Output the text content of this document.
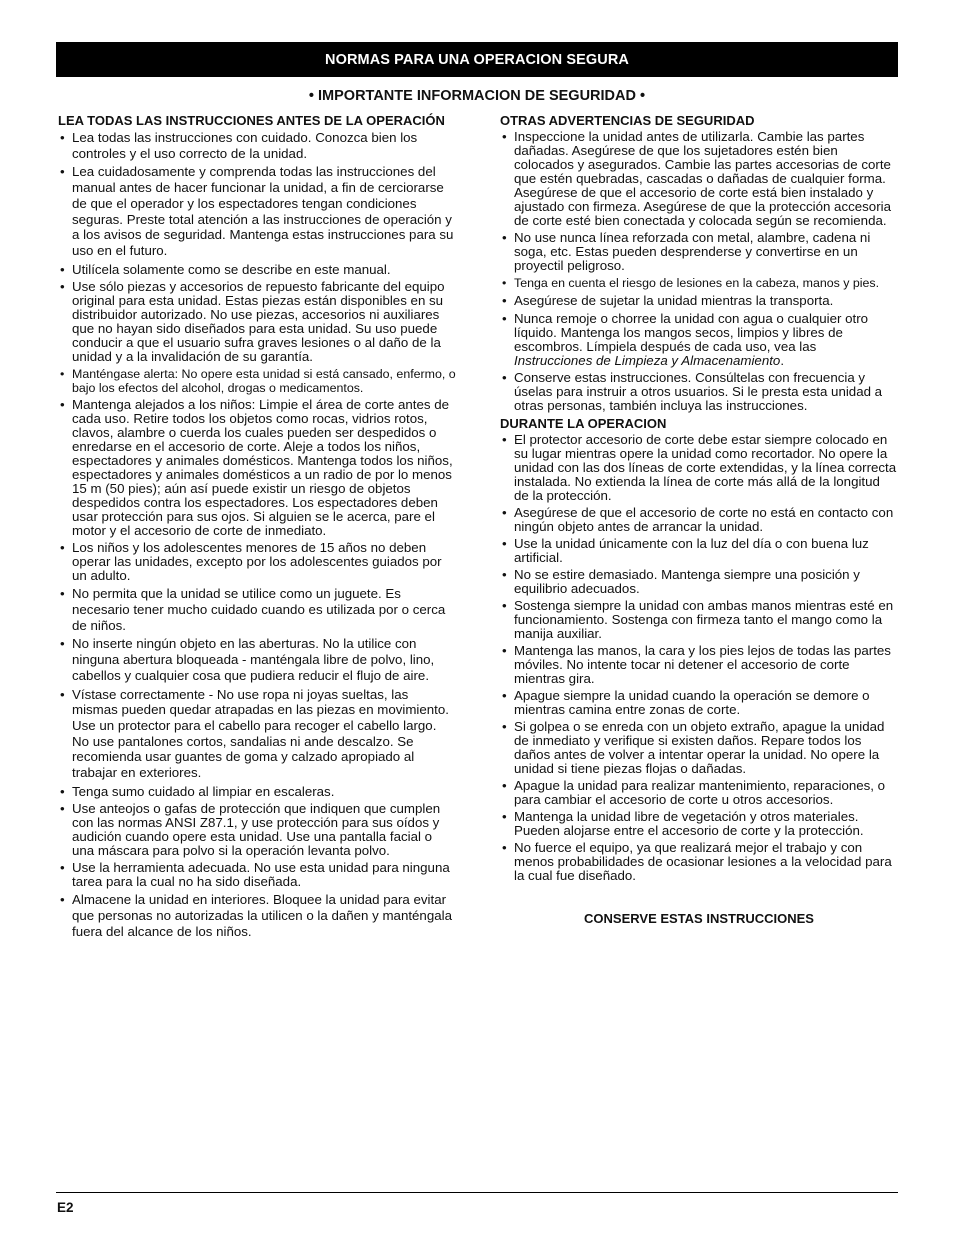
NORMAS PARA UNA OPERACION SEGURA
• IMPORTANTE INFORMACION DE SEGURIDAD •
LEA TODAS LAS INSTRUCCIONES ANTES DE LA OPERACIÓN
• Lea todas las instrucciones con cuidado. Conozca bien los controles y el uso correcto de la unidad.
• Lea cuidadosamente y comprenda todas las instrucciones del manual antes de hacer funcionar la unidad, a fin de cerciorarse de que el operador y los espectadores tengan condiciones seguras. Preste total atención a las instrucciones de operación y a los avisos de seguridad. Mantenga estas instrucciones para su uso en el futuro.
• Utilícela solamente como se describe en este manual.
• Use sólo piezas y accesorios de repuesto fabricante del equipo original para esta unidad. Estas piezas están disponibles en su distribuidor autorizado. No use piezas, accesorios ni auxiliares que no hayan sido diseñados para esta unidad. Su uso puede conducir a que el usuario sufra graves lesiones o al daño de la unidad y a la invalidación de su garantía.
• Manténgase alerta: No opere esta unidad si está cansado, enfermo, o bajo los efectos del alcohol, drogas o medicamentos.
• Mantenga alejados a los niños: Limpie el área de corte antes de cada uso. Retire todos los objetos como rocas, vidrios rotos, clavos, alambre o cuerda los cuales pueden ser despedidos o enredarse en el accesorio de corte. Aleje a todos los niños, espectadores y animales domésticos. Mantenga todos los niños, espectadores y animales domésticos a un radio de por lo menos 15 m (50 pies); aún así puede existir un riesgo de objetos despedidos contra los espectadores. Los espectadores deben usar protección para sus ojos. Si alguien se le acerca, pare el motor y el accesorio de corte de inmediato.
• Los niños y los adolescentes menores de 15 años no deben operar las unidades, excepto por los adolescentes guiados por un adulto.
• No permita que la unidad se utilice como un juguete. Es necesario tener mucho cuidado cuando es utilizada por o cerca de niños.
• No inserte ningún objeto en las aberturas. No la utilice con ninguna abertura bloqueada - manténgala libre de polvo, lino, cabellos y cualquier cosa que pudiera reducir el flujo de aire.
• Vístase correctamente - No use ropa ni joyas sueltas, las mismas pueden quedar atrapadas en las piezas en movimiento. Use un protector para el cabello para recoger el cabello largo. No use pantalones cortos, sandalias ni ande descalzo. Se recomienda usar guantes de goma y calzado apropiado al trabajar en exteriores.
• Tenga sumo cuidado al limpiar en escaleras.
• Use anteojos o gafas de protección que indiquen que cumplen con las normas ANSI Z87.1, y use protección para sus oídos y audición cuando opere esta unidad. Use una pantalla facial o una máscara para polvo si la operación levanta polvo.
• Use la herramienta adecuada. No use esta unidad para ninguna tarea para la cual no ha sido diseñada.
• Almacene la unidad en interiores. Bloquee la unidad para evitar que personas no autorizadas la utilicen o la dañen y manténgala fuera del alcance de los niños.
OTRAS ADVERTENCIAS DE SEGURIDAD
• Inspeccione la unidad antes de utilizarla. Cambie las partes dañadas. Asegúrese de que los sujetadores estén bien colocados y asegurados. Cambie las partes accesorias de corte que estén quebradas, cascadas o dañadas de cualquier forma. Asegúrese de que el accesorio de corte está bien instalado y ajustado con firmeza. Asegúrese de que la protección accesoria de corte esté bien conectada y colocada según se recomienda.
• No use nunca línea reforzada con metal, alambre, cadena ni soga, etc. Estas pueden desprenderse y convertirse en un proyectil peligroso.
• Tenga en cuenta el riesgo de lesiones en la cabeza, manos y pies.
• Asegúrese de sujetar la unidad mientras la transporta.
• Nunca remoje o chorree la unidad con agua o cualquier otro líquido. Mantenga los mangos secos, limpios y libres de escombros. Límpiela después de cada uso, vea las Instrucciones de Limpieza y Almacenamiento.
• Conserve estas instrucciones. Consúltelas con frecuencia y úselas para instruir a otros usuarios. Si le presta esta unidad a otras personas, también incluya las instrucciones.
DURANTE LA OPERACION
• El protector accesorio de corte debe estar siempre colocado en su lugar mientras opere la unidad como recortador. No opere la unidad con las dos líneas de corte extendidas, y la línea correcta instalada. No extienda la línea de corte más allá de la longitud de la protección.
• Asegúrese de que el accesorio de corte no está en contacto con ningún objeto antes de arrancar la unidad.
• Use la unidad únicamente con la luz del día o con buena luz artificial.
• No se estire demasiado. Mantenga siempre una posición y equilibrio adecuados.
• Sostenga siempre la unidad con ambas manos mientras esté en funcionamiento. Sostenga con firmeza tanto el mango como la manija auxiliar.
• Mantenga las manos, la cara y los pies lejos de todas las partes móviles. No intente tocar ni detener el accesorio de corte mientras gira.
• Apague siempre la unidad cuando la operación se demore o mientras camina entre zonas de corte.
• Si golpea o se enreda con un objeto extraño, apague la unidad de inmediato y verifique si existen daños. Repare todos los daños antes de volver a intentar operar la unidad. No opere la unidad si tiene piezas flojas o dañadas.
• Apague la unidad para realizar mantenimiento, reparaciones, o para cambiar el accesorio de corte u otros accesorios.
• Mantenga la unidad libre de vegetación y otros materiales. Pueden alojarse entre el accesorio de corte y la protección.
• No fuerce el equipo, ya que realizará mejor el trabajo y con menos probabilidades de ocasionar lesiones a la velocidad para la cual fue diseñado.
CONSERVE ESTAS INSTRUCCIONES
E2
